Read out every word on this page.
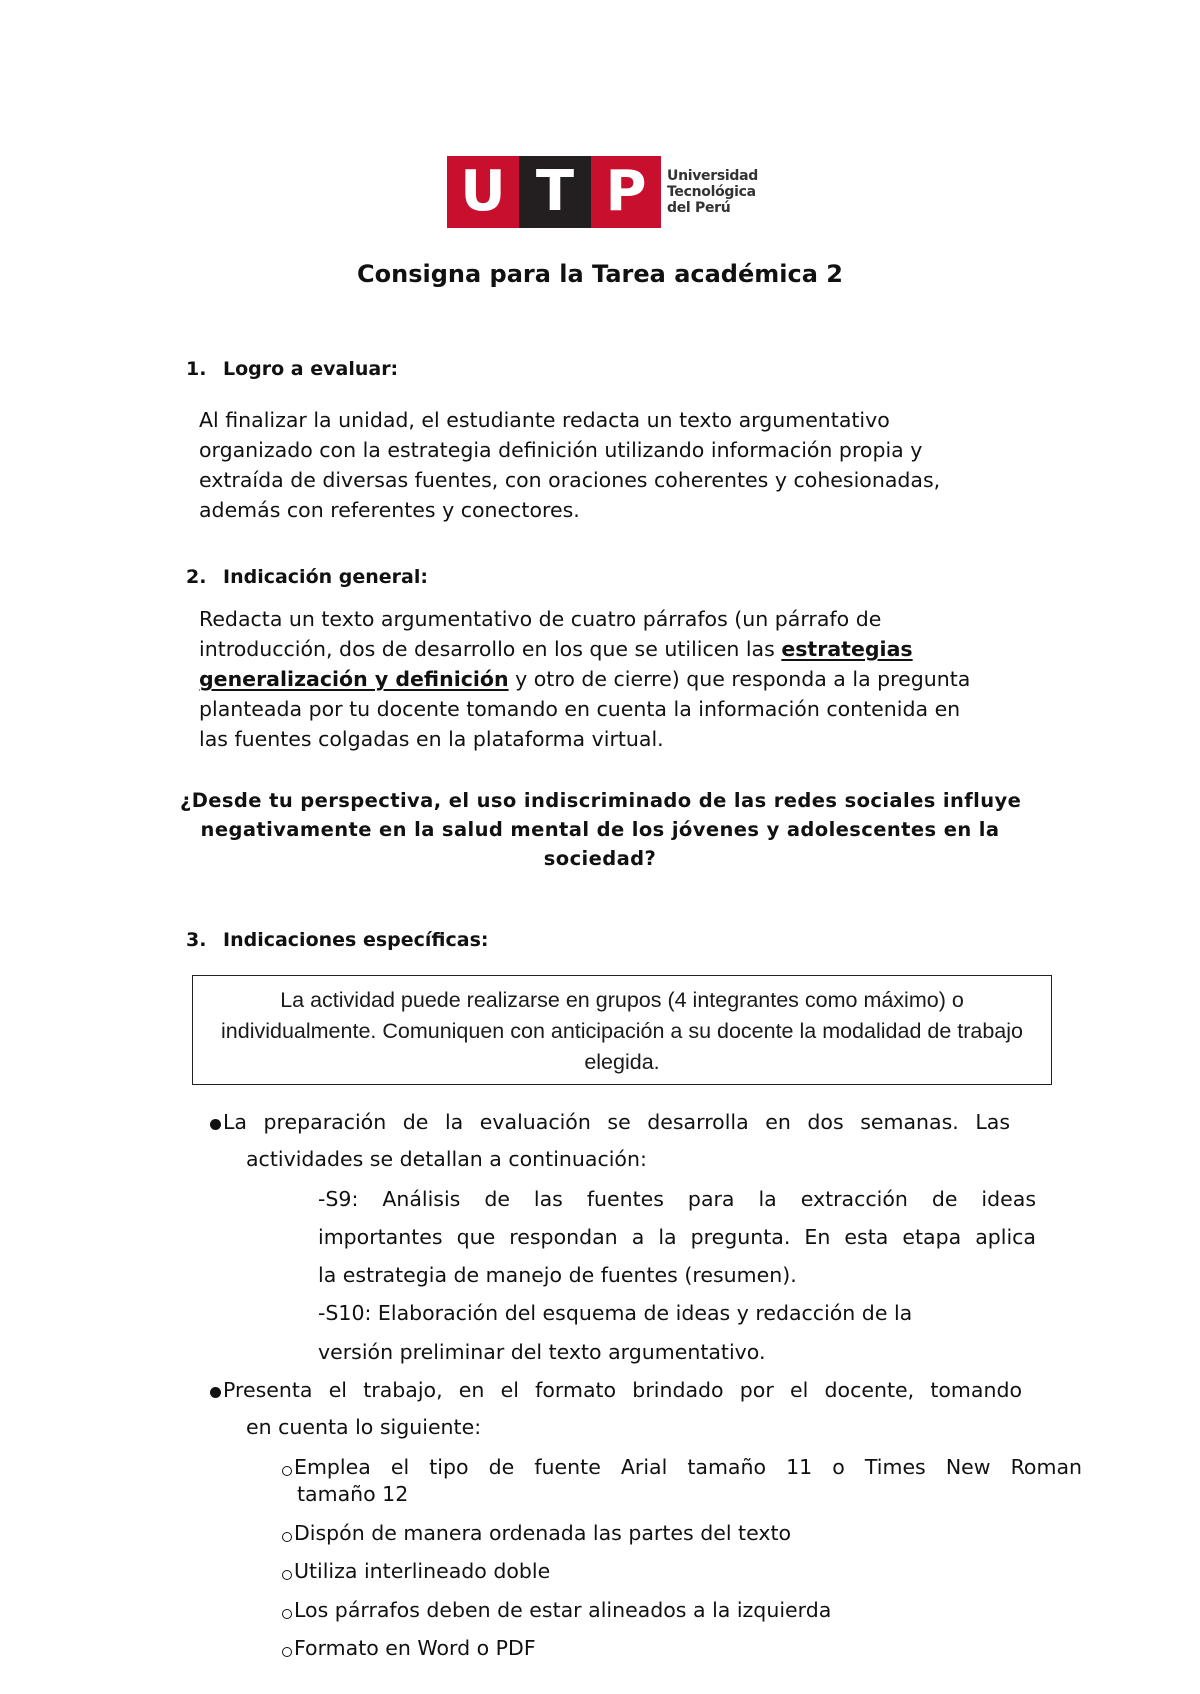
U T P	Universidad
Tecnológica
del Perú
Consigna para la Tarea académica 2
1. Logro a evaluar:
Al finalizar la unidad, el estudiante redacta un texto argumentativo
organizado con la estrategia definición utilizando información propia y
extraída de diversas fuentes, con oraciones coherentes y cohesionadas,
además con referentes y conectores.
2. Indicación general:
Redacta un texto argumentativo de cuatro párrafos (un párrafo de
introducción, dos de desarrollo en los que se utilicen las estrategias
generalización y definición y otro de cierre) que responda a la pregunta
planteada por tu docente tomando en cuenta la información contenida en
las fuentes colgadas en la plataforma virtual.
¿Desde tu perspectiva, el uso indiscriminado de las redes sociales influye
negativamente en la salud mental de los jóvenes y adolescentes en la
sociedad?
3. Indicaciones específicas:
La actividad puede realizarse en grupos (4 integrantes como máximo) o
individualmente. Comuniquen con anticipación a su docente la modalidad de trabajo
elegida.
La preparación de la evaluación se desarrolla en dos semanas. Las
actividades se detallan a continuación:
-S9: Análisis de las fuentes para la extracción de ideas
importantes que respondan a la pregunta. En esta etapa aplica
la estrategia de manejo de fuentes (resumen).
-S10: Elaboración del esquema de ideas y redacción de la
versión preliminar del texto argumentativo.
Presenta el trabajo, en el formato brindado por el docente, tomando
en cuenta lo siguiente:
Emplea el tipo de fuente Arial tamaño 11 o Times New Roman
tamaño 12
Dispón de manera ordenada las partes del texto
Utiliza interlineado doble
Los párrafos deben de estar alineados a la izquierda
Formato en Word o PDF
